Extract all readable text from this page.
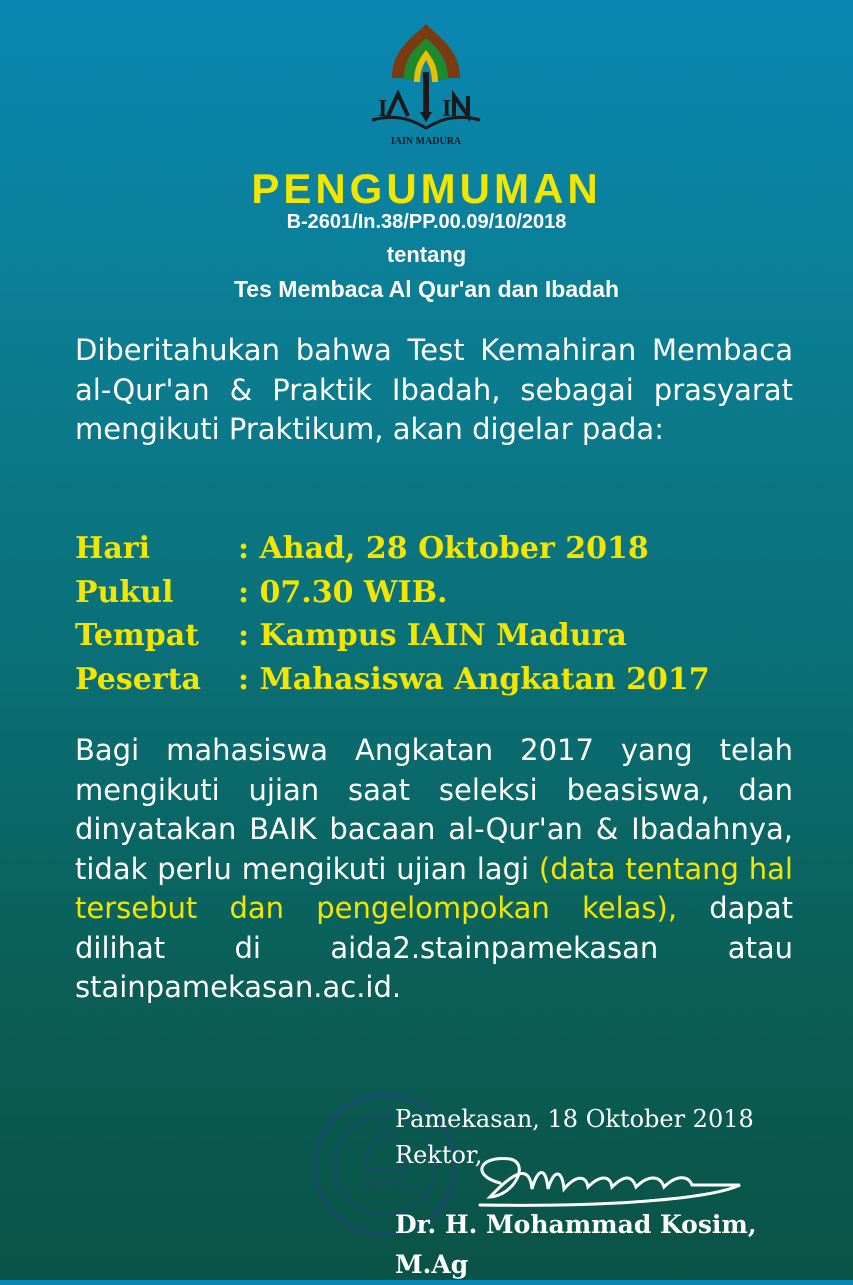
I I
IAIN MADURA
PENGUMUMAN
B-2601/In.38/PP.00.09/10/2018
tentang
Tes Membaca Al Qur'an dan Ibadah
Diberitahukan bahwa Test Kemahiran Membaca al-Qur'an & Praktik Ibadah, sebagai prasyarat mengikuti Praktikum, akan digelar pada:
Hari	: Ahad, 28 Oktober 2018
Pukul	: 07.30 WIB.
Tempat	: Kampus IAIN Madura
Peserta	: Mahasiswa Angkatan 2017
Bagi mahasiswa Angkatan 2017 yang telah mengikuti ujian saat seleksi beasiswa, dan dinyatakan BAIK bacaan al-Qur'an & Ibadahnya, tidak perlu mengikuti ujian lagi (data tentang hal tersebut dan pengelompokan kelas), dapat dilihat di aida2.stainpamekasan atau stainpamekasan.ac.id.
Pamekasan, 18 Oktober 2018
Rektor,
Dr. H. Mohammad Kosim, M.Ag
